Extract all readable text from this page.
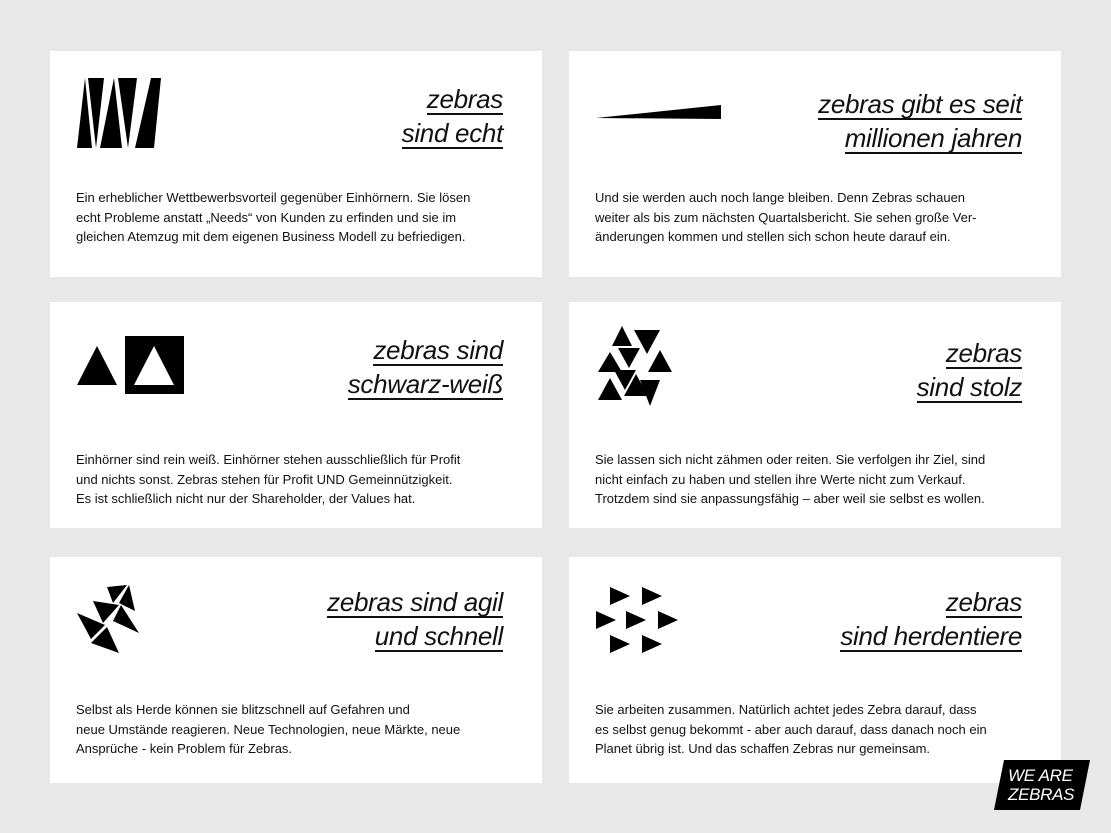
zebras
sind echt
Ein erheblicher Wettbewerbsvorteil gegenüber Einhörnern. Sie lösen
echt Probleme anstatt „Needs“ von Kunden zu erfinden und sie im
gleichen Atemzug mit dem eigenen Business Modell zu befriedigen.
zebras gibt es seit
millionen jahren
Und sie werden auch noch lange bleiben. Denn Zebras schauen
weiter als bis zum nächsten Quartalsbericht. Sie sehen große Ver-
änderungen kommen und stellen sich schon heute darauf ein.
zebras sind
schwarz-weiß
Einhörner sind rein weiß. Einhörner stehen ausschließlich für Profit
und nichts sonst. Zebras stehen für Profit UND Gemeinnützigkeit.
Es ist schließlich nicht nur der Shareholder, der Values hat.
zebras
sind stolz
Sie lassen sich nicht zähmen oder reiten. Sie verfolgen ihr Ziel, sind
nicht einfach zu haben und stellen ihre Werte nicht zum Verkauf.
Trotzdem sind sie anpassungsfähig – aber weil sie selbst es wollen.
zebras sind agil
und schnell
Selbst als Herde können sie blitzschnell auf Gefahren und
neue Umstände reagieren. Neue Technologien, neue Märkte, neue
Ansprüche - kein Problem für Zebras.
zebras
sind herdentiere
Sie arbeiten zusammen. Natürlich achtet jedes Zebra darauf, dass
es selbst genug bekommt - aber auch darauf, dass danach noch ein
Planet übrig ist. Und das schaffen Zebras nur gemeinsam.
WE ARE
ZEBRAS
